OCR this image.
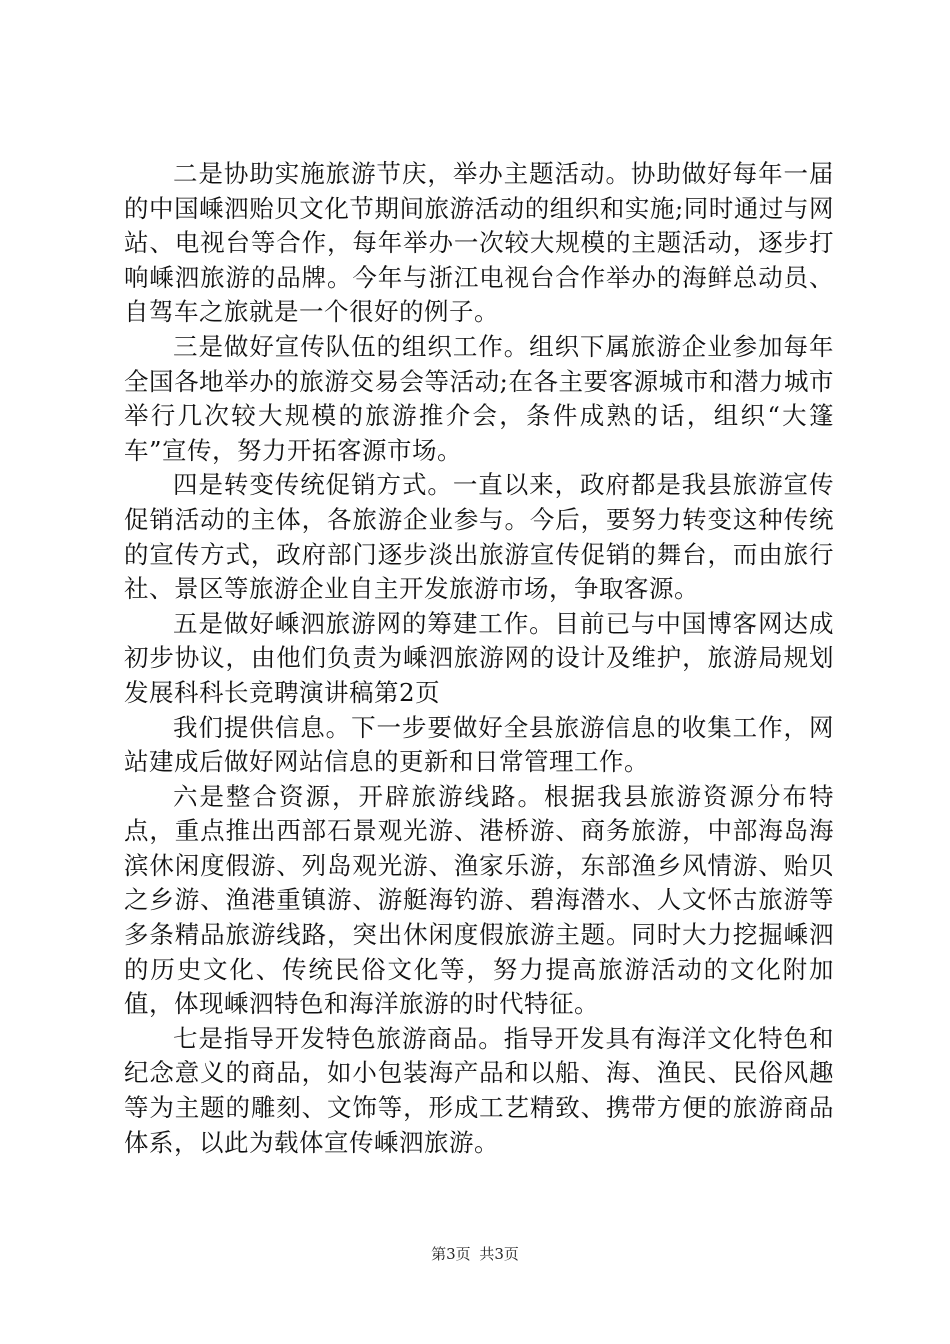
二是协助实施旅游节庆，举办主题活动。协助做好每年一届的中国嵊泗贻贝文化节期间旅游活动的组织和实施;同时通过与网站、电视台等合作，每年举办一次较大规模的主题活动，逐步打响嵊泗旅游的品牌。今年与浙江电视台合作举办的海鲜总动员、自驾车之旅就是一个很好的例子。

三是做好宣传队伍的组织工作。组织下属旅游企业参加每年全国各地举办的旅游交易会等活动;在各主要客源城市和潜力城市举行几次较大规模的旅游推介会，条件成熟的话，组织“大篷车”宣传，努力开拓客源市场。

四是转变传统促销方式。一直以来，政府都是我县旅游宣传促销活动的主体，各旅游企业参与。今后，要努力转变这种传统的宣传方式，政府部门逐步淡出旅游宣传促销的舞台，而由旅行社、景区等旅游企业自主开发旅游市场，争取客源。

五是做好嵊泗旅游网的筹建工作。目前已与中国博客网达成初步协议，由他们负责为嵊泗旅游网的设计及维护，旅游局规划发展科科长竞聘演讲稿第2页

我们提供信息。下一步要做好全县旅游信息的收集工作，网站建成后做好网站信息的更新和日常管理工作。

六是整合资源，开辟旅游线路。根据我县旅游资源分布特点，重点推出西部石景观光游、港桥游、商务旅游，中部海岛海滨休闲度假游、列岛观光游、渔家乐游，东部渔乡风情游、贻贝之乡游、渔港重镇游、游艇海钓游、碧海潜水、人文怀古旅游等多条精品旅游线路，突出休闲度假旅游主题。同时大力挖掘嵊泗的历史文化、传统民俗文化等，努力提高旅游活动的文化附加值，体现嵊泗特色和海洋旅游的时代特征。

七是指导开发特色旅游商品。指导开发具有海洋文化特色和纪念意义的商品，如小包装海产品和以船、海、渔民、民俗风趣等为主题的雕刻、文饰等，形成工艺精致、携带方便的旅游商品体系，以此为载体宣传嵊泗旅游。

第3页 共3页
